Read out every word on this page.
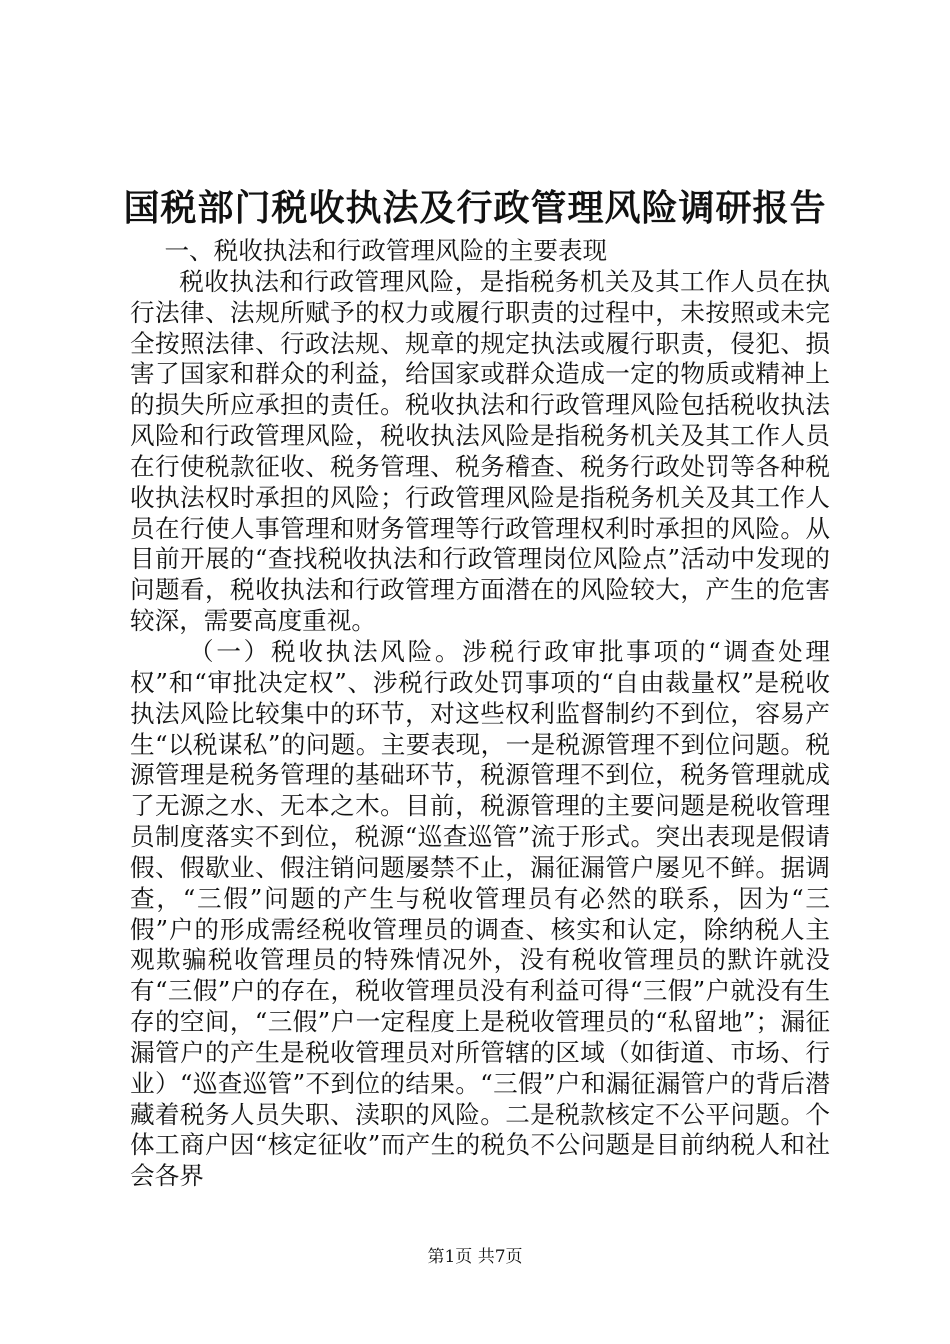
国税部门税收执法及行政管理风险调研报告

一、税收执法和行政管理风险的主要表现

税收执法和行政管理风险，是指税务机关及其工作人员在执行法律、法规所赋予的权力或履行职责的过程中，未按照或未完全按照法律、行政法规、规章的规定执法或履行职责，侵犯、损害了国家和群众的利益，给国家或群众造成一定的物质或精神上的损失所应承担的责任。税收执法和行政管理风险包括税收执法风险和行政管理风险，税收执法风险是指税务机关及其工作人员在行使税款征收、税务管理、税务稽查、税务行政处罚等各种税收执法权时承担的风险；行政管理风险是指税务机关及其工作人员在行使人事管理和财务管理等行政管理权利时承担的风险。从目前开展的“查找税收执法和行政管理岗位风险点”活动中发现的问题看，税收执法和行政管理方面潜在的风险较大，产生的危害较深，需要高度重视。

（一）税收执法风险。涉税行政审批事项的“调查处理权”和“审批决定权”、涉税行政处罚事项的“自由裁量权”是税收执法风险比较集中的环节，对这些权利监督制约不到位，容易产生“以税谋私”的问题。主要表现，一是税源管理不到位问题。税源管理是税务管理的基础环节，税源管理不到位，税务管理就成了无源之水、无本之木。目前，税源管理的主要问题是税收管理员制度落实不到位，税源“巡查巡管”流于形式。突出表现是假请假、假歇业、假注销问题屡禁不止，漏征漏管户屡见不鲜。据调查，“三假”问题的产生与税收管理员有必然的联系，因为“三假”户的形成需经税收管理员的调查、核实和认定，除纳税人主观欺骗税收管理员的特殊情况外，没有税收管理员的默许就没有“三假”户的存在，税收管理员没有利益可得“三假”户就没有生存的空间，“三假”户一定程度上是税收管理员的“私留地”；漏征漏管户的产生是税收管理员对所管辖的区域（如街道、市场、行业）“巡查巡管”不到位的结果。“三假”户和漏征漏管户的背后潜藏着税务人员失职、渎职的风险。二是税款核定不公平问题。个体工商户因“核定征收”而产生的税负不公问题是目前纳税人和社会各界

第1页 共7页
